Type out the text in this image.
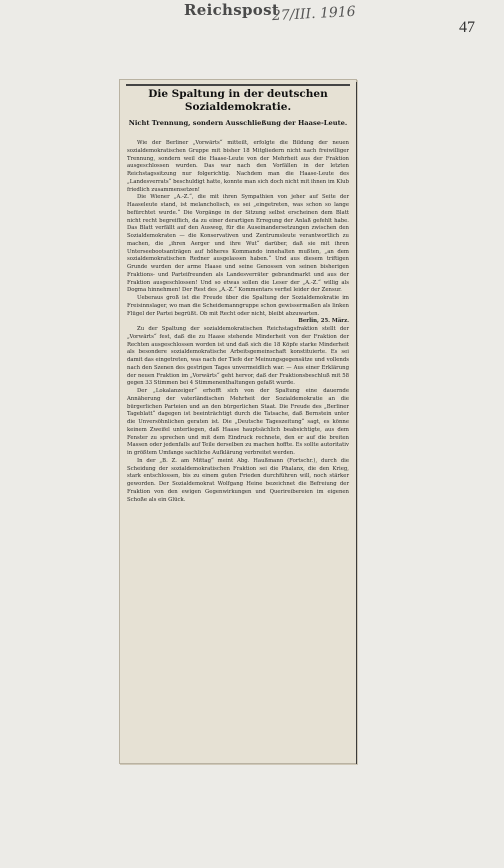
Reichspost
27/III. 1916
47
Die Spaltung in der deutschen Sozialdemokratie.
Nicht Trennung, sondern Ausschließung der Haase-Leute.

Wie der Berliner „Vorwärts“ mitteilt, erfolgte die Bildung der neuen sozialdemokratischen Gruppe mit bisher 18 Mitgliedern nicht nach freiwilliger Trennung, sondern weil die Haase-Leute von der Mehrheit aus der Fraktion ausgeschlossen wurden. Das war nach den Vorfällen in der letzten Reichstagssitzung nur folgerichtig. Nachdem man die Haase-Leute des „Landesverrats“ beschuldigt hatte, konnte man sich doch nicht mit ihnen im Klub friedlich zusammensetzen!

Die Wiener „A.-Z.“, die mit ihren Sympathien von jeher auf Seite der Haaseleute stand, ist melancholisch, es sei „eingetreten, was schon so lange befürchtet wurde.“ Die Vorgänge in der Sitzung selbst erscheinen dem Blatt nicht recht begreiflich, da zu einer derartigen Erregung der Anlaß gefehlt habe. Das Blatt verfällt auf den Ausweg, für die Auseinandersetzungen zwischen den Sozialdemokraten — die Konservativen und Zentrumsleute verantwortlich zu machen, die „ihren Aerger und ihre Wut“ darüber, daß sie mit ihren Unterseebootsanträgen auf höheres Kommando innehalten mußten, „an dem sozialdemokratischen Redner ausgelassen haben.“ Und aus diesem triftigen Grunde wurden der arme Haase und seine Genossen von seinen bisherigen Fraktions- und Parteifreunden als Landesverräter gebrandmarkt und aus der Fraktion ausgeschlossen! Und so etwas sollen die Leser der „A.-Z.“ willig als Dogma hinnehmen! Der Rest des „A.-Z.“ Kommentars verfiel leider der Zensur.

Ueberaus groß ist die Freude über die Spaltung der Sozialdemokratie im Freisinnslager, wo man die Scheidemanngruppe schon gewissermaßen als linken Flügel der Partei begrüßt. Ob mit Recht oder nicht, bleibt abzuwarten.

Berlin, 25. März.

Zu der Spaltung der sozialdemokratischen Reichstagsfraktion stellt der „Vorwärts“ fest, daß die zu Haase stehende Minderheit von der Fraktion der Rechten ausgeschlossen worden ist und daß sich die 18 Köpfe starke Minderheit als besondere sozialdemokratische Arbeitsgemeinschaft konstituierte. Es sei damit das eingetreten, was nach der Tiefe der Meinungsgegensätze und vollends nach den Szenen des gestrigen Tages unvermeidlich war. — Aus einer Erklärung der neuen Fraktion im „Vorwärts“ geht hervor, daß der Fraktionsbeschluß mit 58 gegen 33 Stimmen bei 4 Stimmenenthaltungen gefaßt wurde.

Der „Lokalanzeiger“ erhofft sich von der Spaltung eine dauernde Annäherung der vaterländischen Mehrheit der Sozialdemokratie an die bürgerlichen Parteien und an den bürgerlichen Staat. Die Freude des „Berliner Tageblatt“ dagegen ist beeinträchtigt durch die Tatsache, daß Bernstein unter die Unversöhnlichen geraten ist. Die „Deutsche Tageszeitung“ sagt, es könne keinem Zweifel unterliegen, daß Haase hauptsächlich beabsichtigte, aus dem Fenster zu sprechen und mit dem Eindruck rechnete, den er auf die breiten Massen oder jedenfalls auf Teile derselben zu machen hoffte. Es sollte autoritativ in größtem Umfange sachliche Aufklärung verbreitet werden.

In der „B. Z. am Mittag“ meint Abg. Haußmann (Fortschr.), durch die Scheidung der sozialdemokratischen Fraktion sei die Phalanx, die den Krieg, stark entschlossen, bis zu einem guten Frieden durchführen will, noch stärker geworden. Der Sozialdemokrat Wolfgang Heine bezeichnet die Befreiung der Fraktion von den ewigen Gegenwirkungen und Querireibereien im eigenen Schoße als ein Glück.
